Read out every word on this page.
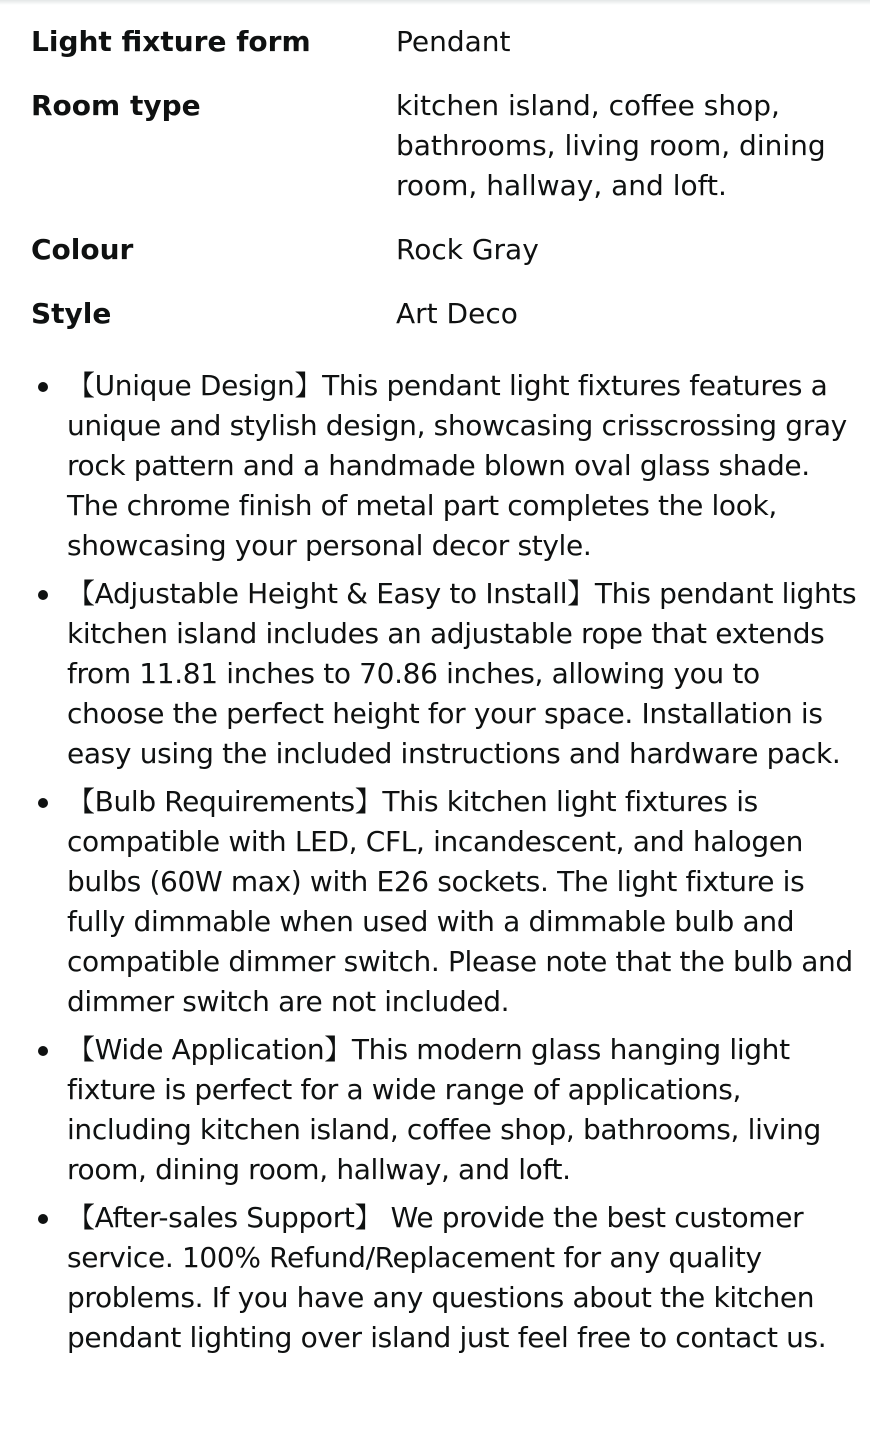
Light fixture form	Pendant
Room type	kitchen island, coffee shop, bathrooms, living room, dining room, hallway, and loft.
Colour	Rock Gray
Style	Art Deco
【Unique Design】This pendant light fixtures features a unique and stylish design, showcasing crisscrossing gray rock pattern and a handmade blown oval glass shade. The chrome finish of metal part completes the look, showcasing your personal decor style.
【Adjustable Height & Easy to Install】This pendant lights kitchen island includes an adjustable rope that extends from 11.81 inches to 70.86 inches, allowing you to choose the perfect height for your space. Installation is easy using the included instructions and hardware pack.
【Bulb Requirements】This kitchen light fixtures is compatible with LED, CFL, incandescent, and halogen bulbs (60W max) with E26 sockets. The light fixture is fully dimmable when used with a dimmable bulb and compatible dimmer switch. Please note that the bulb and dimmer switch are not included.
【Wide Application】This modern glass hanging light fixture is perfect for a wide range of applications, including kitchen island, coffee shop, bathrooms, living room, dining room, hallway, and loft.
【After-sales Support】 We provide the best customer service. 100% Refund/Replacement for any quality problems. If you have any questions about the kitchen pendant lighting over island just feel free to contact us.
